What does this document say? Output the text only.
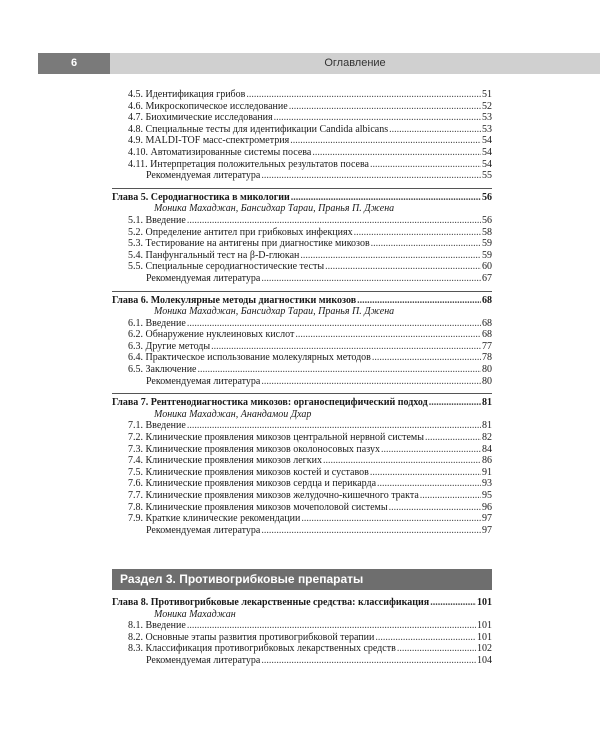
6	Оглавление
4.5. Идентификация грибов .....	51
4.6. Микроскопическое исследование .....	52
4.7. Биохимические исследования .....	53
4.8. Специальные тесты для идентификации Candida albicans .....	53
4.9. MALDI-TOF масс-спектрометрия .....	54
4.10. Автоматизированные системы посева .....	54
4.11. Интерпретация положительных результатов посева .....	54
Рекомендуемая литература .....	55
Глава 5. Серодиагностика в микологии .....	56
Моника Махаджан, Бансидхар Тараи, Пранья П. Джена
5.1. Введение .....	56
5.2. Определение антител при грибковых инфекциях .....	58
5.3. Тестирование на антигены при диагностике микозов .....	59
5.4. Панфунгальный тест на β-D-глюкан .....	59
5.5. Специальные серодиагностические тесты .....	60
Рекомендуемая литература .....	67
Глава 6. Молекулярные методы диагностики микозов .....	68
Моника Махаджан, Бансидхар Тараи, Пранья П. Джена
6.1. Введение .....	68
6.2. Обнаружение нуклеиновых кислот .....	68
6.3. Другие методы .....	77
6.4. Практическое использование молекулярных методов .....	78
6.5. Заключение .....	80
Рекомендуемая литература .....	80
Глава 7. Рентгенодиагностика микозов: органоспецифический подход .....	81
Моника Махаджан, Анандамои Дхар
7.1. Введение .....	81
7.2. Клинические проявления микозов центральной нервной системы .....	82
7.3. Клинические проявления микозов околоносовых пазух .....	84
7.4. Клинические проявления микозов легких .....	86
7.5. Клинические проявления микозов костей и суставов .....	91
7.6. Клинические проявления микозов сердца и перикарда .....	93
7.7. Клинические проявления микозов желудочно-кишечного тракта .....	95
7.8. Клинические проявления микозов мочеполовой системы .....	96
7.9. Краткие клинические рекомендации .....	97
Рекомендуемая литература .....	97
Раздел 3. Противогрибковые препараты
Глава 8. Противогрибковые лекарственные средства: классификация .....	101
Моника Махаджан
8.1. Введение .....	101
8.2. Основные этапы развития противогрибковой терапии .....	101
8.3. Классификация противогрибковых лекарственных средств .....	102
Рекомендуемая литература .....	104
